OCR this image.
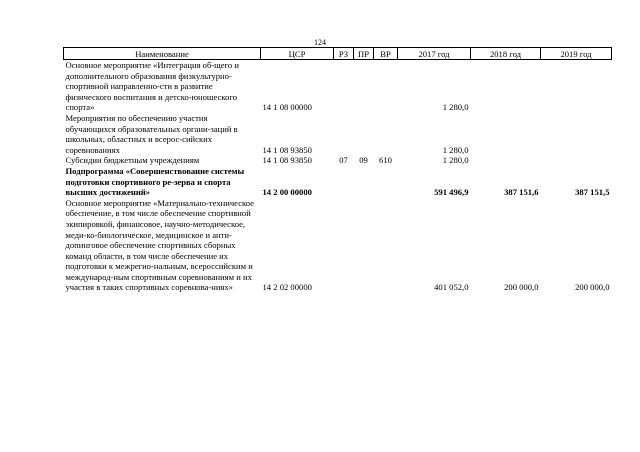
124
Наименование	ЦСР	РЗ	ПР	ВР	2017 год	2018 год	2019 год
Основное мероприятие «Интеграция об-щего и дополнительного образования физкультурно-спортивной направленно-сти в развитие физического воспитания и детско-юношеского спорта»	14 1 08 00000				1 280,0		
Мероприятия по обеспечению участия обучающихся образовательных органи-заций в школьных, областных и всерос-сийских соревнованиях	14 1 08 93850				1 280,0		
Субсидии бюджетным учреждениям	14 1 08 93850	07	09	610	1 280,0		
Подпрограмма «Совершенствование системы подготовки спортивного ре-зерва и спорта высших достижений»	14 2 00 00000				591 496,9	387 151,6	387 151,5
Основное мероприятие «Материально-техническое обеспечение, в том числе обеспечение спортивной экипировкой, финансовое, научно-методическое, меди-ко-биологическое, медицинское и анти-допинговое обеспечение спортивных сборных команд области, в том числе обеспечение их подготовки к межрегио-нальным, всероссийским и международ-ным спортивным соревнованиям и их участия в таких спортивных соревнова-ниях»	14 2 02 00000				401 052,0	200 000,0	200 000,0
